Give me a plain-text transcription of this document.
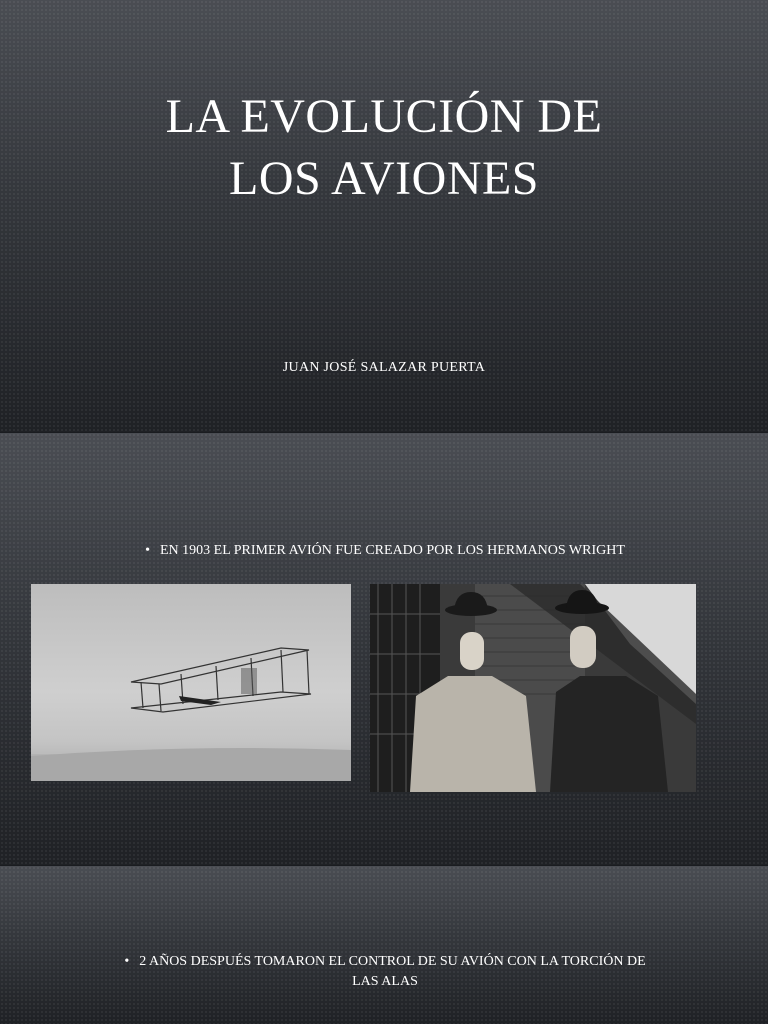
LA EVOLUCIÓN DE
LOS AVIONES
JUAN JOSÉ SALAZAR PUERTA
• EN 1903 EL PRIMER AVIÓN FUE CREADO POR LOS HERMANOS WRIGHT
• 2 AÑOS DESPUÉS TOMARON EL CONTROL DE SU AVIÓN CON LA TORCIÓN DE
LAS ALAS
